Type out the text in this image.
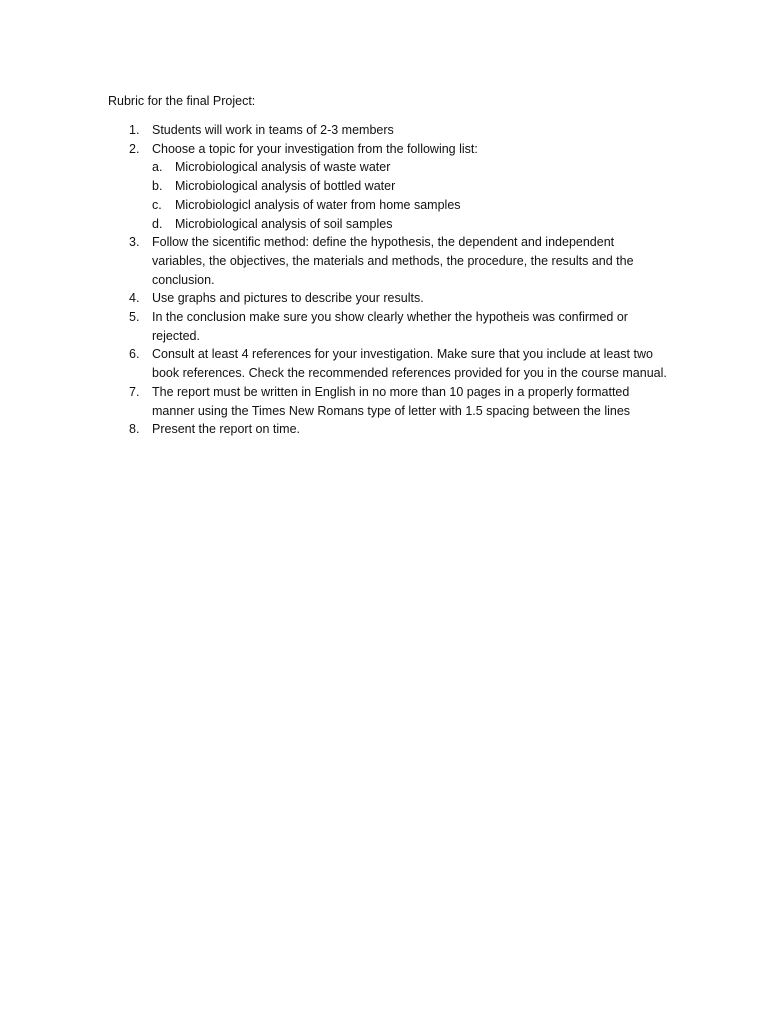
Rubric for the final Project:
1. Students will work in teams of 2-3 members
2. Choose a topic for your investigation from the following list:
a. Microbiological analysis of waste water
b. Microbiological analysis of bottled water
c. Microbiologicl analysis of water from home samples
d. Microbiological analysis of soil samples
3. Follow the sicentific method: define the hypothesis, the dependent and independent variables, the objectives, the materials and methods, the procedure, the results and the conclusion.
4. Use graphs and pictures to describe your results.
5. In the conclusion make sure you show clearly whether the hypotheis was confirmed or rejected.
6. Consult at least 4 references for your investigation. Make sure that you include at least two book references. Check the recommended references provided for you in the course manual.
7. The report must be written in English in no more than 10 pages in a properly formatted manner using the Times New Romans type of letter with 1.5 spacing between the lines
8. Present the report on time.
